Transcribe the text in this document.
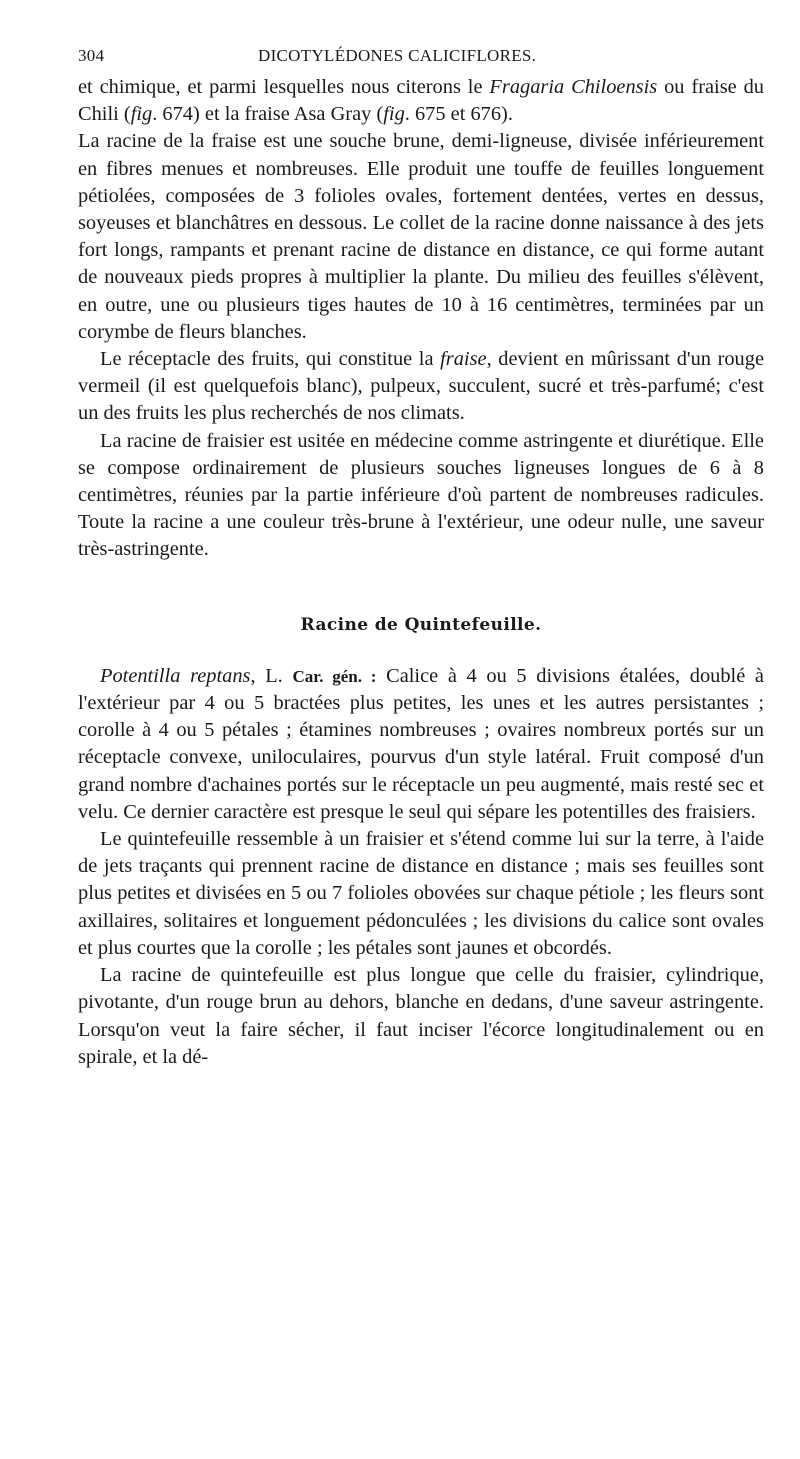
304	DICOTYLÉDONES CALICIFLORES.

et chimique, et parmi lesquelles nous citerons le Fragaria Chiloensis ou fraise du Chili (fig. 674) et la fraise Asa Gray (fig. 675 et 676).

La racine de la fraise est une souche brune, demi-ligneuse, divisée inférieurement en fibres menues et nombreuses. Elle produit une touffe de feuilles longuement pétiolées, composées de 3 folioles ovales, fortement dentées, vertes en dessus, soyeuses et blanchâtres en dessous. Le collet de la racine donne naissance à des jets fort longs, rampants et prenant racine de distance en distance, ce qui forme autant de nouveaux pieds propres à multiplier la plante. Du milieu des feuilles s'élèvent, en outre, une ou plusieurs tiges hautes de 10 à 16 centimètres, terminées par un corymbe de fleurs blanches.

Le réceptacle des fruits, qui constitue la fraise, devient en mûrissant d'un rouge vermeil (il est quelquefois blanc), pulpeux, succulent, sucré et très-parfumé; c'est un des fruits les plus recherchés de nos climats.

La racine de fraisier est usitée en médecine comme astringente et diurétique. Elle se compose ordinairement de plusieurs souches ligneuses longues de 6 à 8 centimètres, réunies par la partie inférieure d'où partent de nombreuses radicules. Toute la racine a une couleur très-brune à l'extérieur, une odeur nulle, une saveur très-astringente.

Racine de Quintefeuille.

Potentilla reptans, L. Car. gén. : Calice à 4 ou 5 divisions étalées, doublé à l'extérieur par 4 ou 5 bractées plus petites, les unes et les autres persistantes ; corolle à 4 ou 5 pétales ; étamines nombreuses ; ovaires nombreux portés sur un réceptacle convexe, uniloculaires, pourvus d'un style latéral. Fruit composé d'un grand nombre d'achaines portés sur le réceptacle un peu augmenté, mais resté sec et velu. Ce dernier caractère est presque le seul qui sépare les potentilles des fraisiers.

Le quintefeuille ressemble à un fraisier et s'étend comme lui sur la terre, à l'aide de jets traçants qui prennent racine de distance en distance ; mais ses feuilles sont plus petites et divisées en 5 ou 7 folioles obovées sur chaque pétiole ; les fleurs sont axillaires, solitaires et longuement pédonculées ; les divisions du calice sont ovales et plus courtes que la corolle ; les pétales sont jaunes et obcordés.

La racine de quintefeuille est plus longue que celle du fraisier, cylindrique, pivotante, d'un rouge brun au dehors, blanche en dedans, d'une saveur astringente. Lorsqu'on veut la faire sécher, il faut inciser l'écorce longitudinalement ou en spirale, et la dé-
